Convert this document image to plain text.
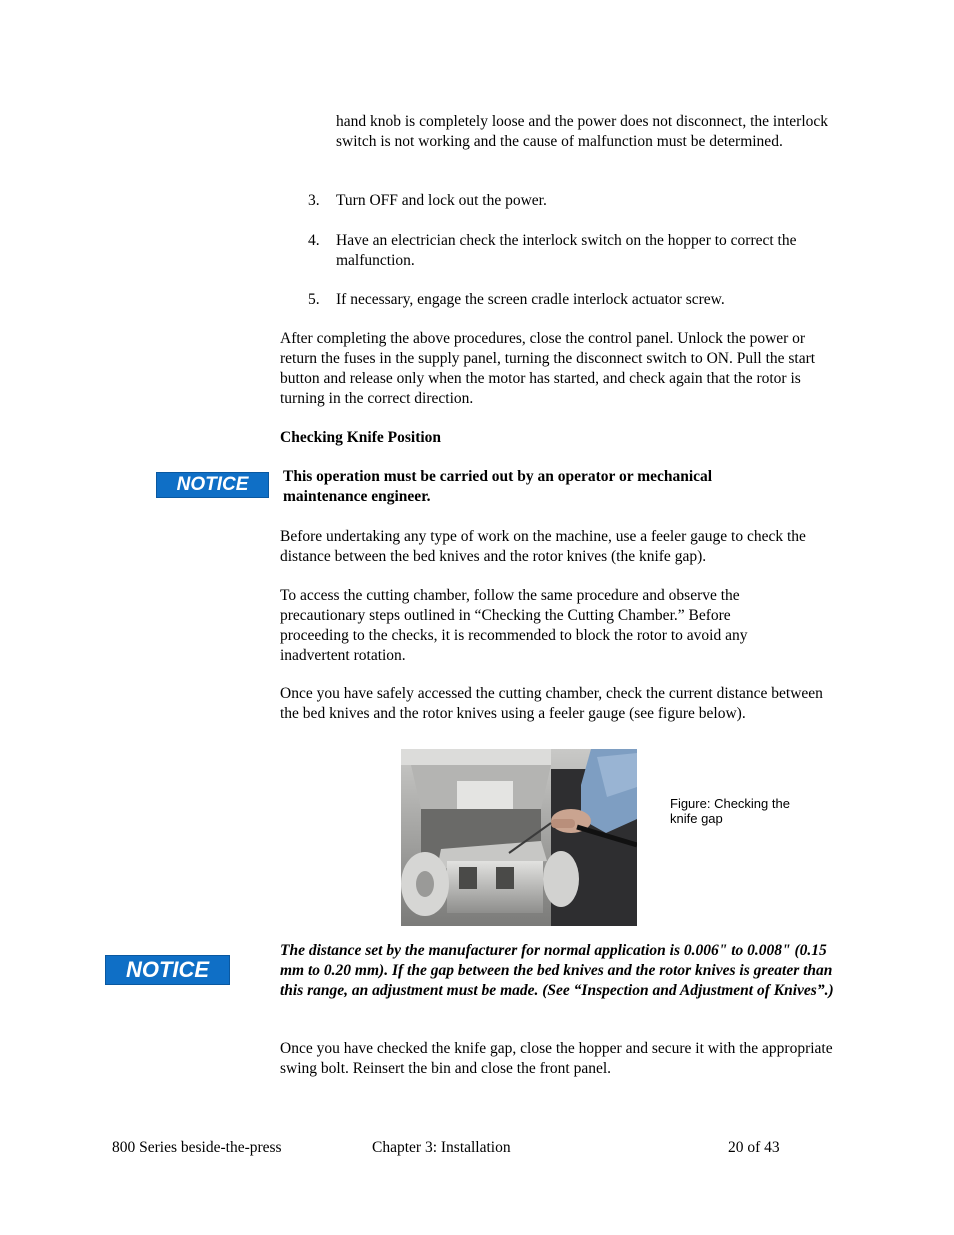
hand knob is completely loose and the power does not disconnect, the interlock switch is not working and the cause of malfunction must be determined.

3.	Turn OFF and lock out the power.
4.	Have an electrician check the interlock switch on the hopper to correct the malfunction.
5.	If necessary, engage the screen cradle interlock actuator screw.

After completing the above procedures, close the control panel. Unlock the power or return the fuses in the supply panel, turning the disconnect switch to ON. Pull the start button and release only when the motor has started, and check again that the rotor is turning in the correct direction.

Checking Knife Position

NOTICE	This operation must be carried out by an operator or mechanical maintenance engineer.

Before undertaking any type of work on the machine, use a feeler gauge to check the distance between the bed knives and the rotor knives (the knife gap).

To access the cutting chamber, follow the same procedure and observe the precautionary steps outlined in “Checking the Cutting Chamber.” Before proceeding to the checks, it is recommended to block the rotor to avoid any inadvertent rotation.

Once you have safely accessed the cutting chamber, check the current distance between the bed knives and the rotor knives using a feeler gauge (see figure below).

Figure: Checking the knife gap
NOTICE

The distance set by the manufacturer for normal application is 0.006" to 0.008" (0.15 mm to 0.20 mm). If the gap between the bed knives and the rotor knives is greater than this range, an adjustment must be made. (See “Inspection and Adjustment of Knives”.)

Once you have checked the knife gap, close the hopper and secure it with the appropriate swing bolt. Reinsert the bin and close the front panel.

800 Series beside-the-press	Chapter 3: Installation	20 of 43
